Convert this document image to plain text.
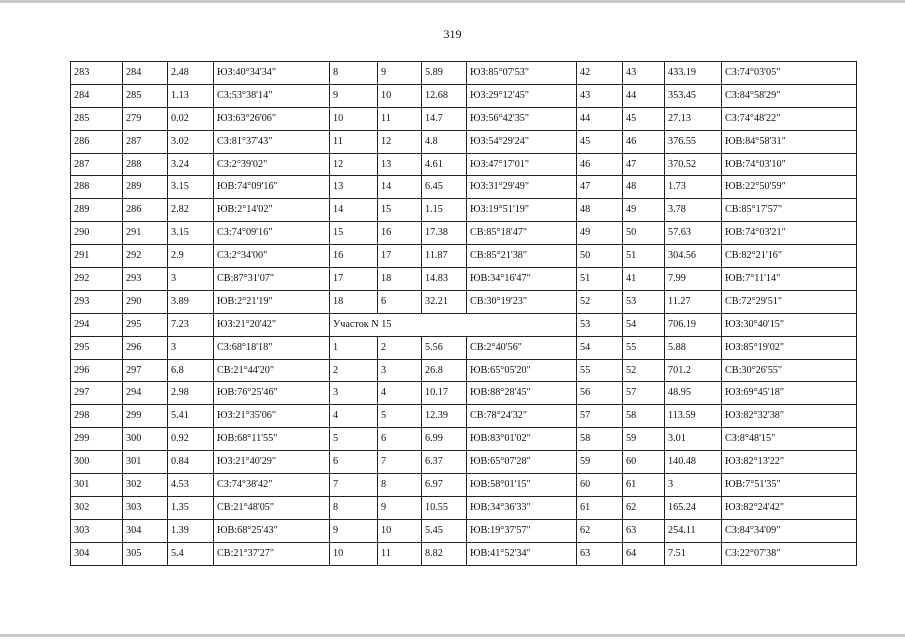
319
283	284	2.48	ЮЗ:40°34'34"	8	9	5.89	ЮЗ:85°07'53"	42	43	433.19	СЗ:74°03'05"
284	285	1.13	СЗ:53°38'14"	9	10	12.68	ЮЗ:29°12'45"	43	44	353.45	СЗ:84°58'29"
285	279	0.02	ЮЗ:63°26'06"	10	11	14.7	ЮЗ:56°42'35"	44	45	27.13	СЗ:74°48'22"
286	287	3.02	СЗ:81°37'43"	11	12	4.8	ЮЗ:54°29'24"	45	46	376.55	ЮВ:84°58'31"
287	288	3.24	СЗ:2°39'02"	12	13	4.61	ЮЗ:47°17'01"	46	47	370.52	ЮВ:74°03'10"
288	289	3.15	ЮВ:74°09'16"	13	14	6.45	ЮЗ:31°29'49"	47	48	1.73	ЮВ:22°50'59"
289	286	2.82	ЮВ:2°14'02"	14	15	1.15	ЮЗ:19°51'19"	48	49	3.78	СВ:85°17'57"
290	291	3.15	СЗ:74°09'16"	15	16	17.38	СВ:85°18'47"	49	50	57.63	ЮВ:74°03'21"
291	292	2.9	СЗ:2°34'00"	16	17	11.87	СВ:85°21'38"	50	51	304.56	СВ:82°21'16"
292	293	3	СВ:87°31'07"	17	18	14.83	ЮВ:34°16'47"	51	41	7.99	ЮВ:7°11'14"
293	290	3.89	ЮВ:2°21'19"	18	6	32.21	СВ:30°19'23"	52	53	11.27	СВ:72°29'51"
294	295	7.23	ЮЗ:21°20'42"	Участок N 15				53	54	706.19	ЮЗ:30°40'15"
295	296	3	СЗ:68°18'18"	1	2	5.56	СВ:2°40'56"	54	55	5.88	ЮЗ:85°19'02"
296	297	6.8	СВ:21°44'20"	2	3	26.8	ЮВ:65°05'20"	55	52	701.2	СВ:30°26'55"
297	294	2.98	ЮВ:76°25'46"	3	4	10.17	ЮВ:88°28'45"	56	57	48.95	ЮЗ:69°45'18"
298	299	5.41	ЮЗ:21°35'06"	4	5	12.39	СВ:78°24'32"	57	58	113.59	ЮЗ:82°32'38"
299	300	0.92	ЮВ:68°11'55"	5	6	6.99	ЮВ:83°01'02"	58	59	3.01	СЗ:8°48'15"
300	301	0.84	ЮЗ:21°40'29"	6	7	6.37	ЮВ:65°07'28"	59	60	140.48	ЮЗ:82°13'22"
301	302	4.53	СЗ:74°38'42"	7	8	6.97	ЮВ:58°01'15"	60	61	3	ЮВ:7°51'35"
302	303	1.35	СВ:21°48'05"	8	9	10.55	ЮВ:34°36'33"	61	62	165.24	ЮЗ:82°24'42"
303	304	1.39	ЮВ:68°25'43"	9	10	5.45	ЮВ:19°37'57"	62	63	254.11	СЗ:84°34'09"
304	305	5.4	СВ:21°37'27"	10	11	8.82	ЮВ:41°52'34"	63	64	7.51	СЗ:22°07'38"
